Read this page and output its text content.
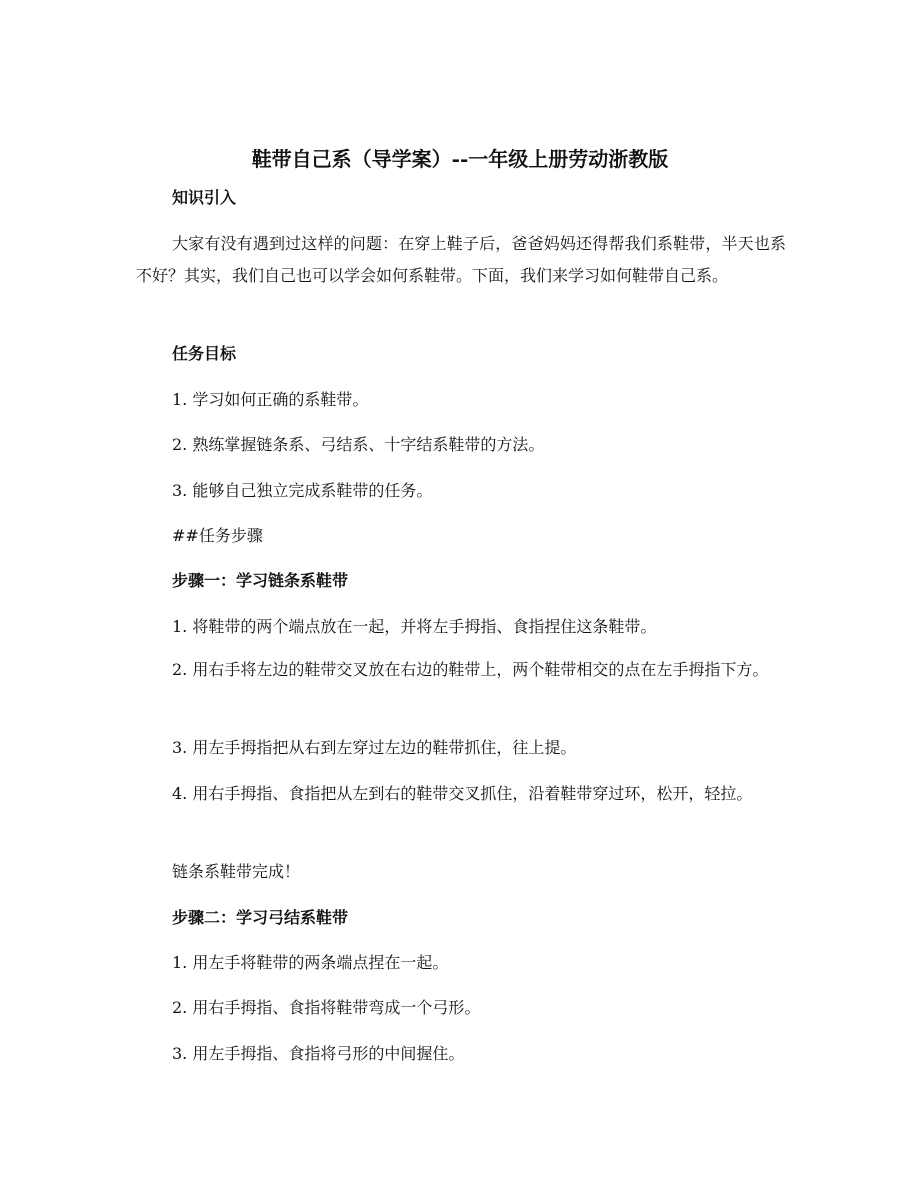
鞋带自己系（导学案）--一年级上册劳动浙教版
知识引入
大家有没有遇到过这样的问题：在穿上鞋子后，爸爸妈妈还得帮我们系鞋带，半天也系不好？其实，我们自己也可以学会如何系鞋带。下面，我们来学习如何鞋带自己系。
任务目标
1. 学习如何正确的系鞋带。
2. 熟练掌握链条系、弓结系、十字结系鞋带的方法。
3. 能够自己独立完成系鞋带的任务。
##任务步骤
步骤一：学习链条系鞋带
1. 将鞋带的两个端点放在一起，并将左手拇指、食指捏住这条鞋带。
2. 用右手将左边的鞋带交叉放在右边的鞋带上，两个鞋带相交的点在左手拇指下方。
3. 用左手拇指把从右到左穿过左边的鞋带抓住，往上提。
4. 用右手拇指、食指把从左到右的鞋带交叉抓住，沿着鞋带穿过环，松开，轻拉。
链条系鞋带完成！
步骤二：学习弓结系鞋带
1. 用左手将鞋带的两条端点捏在一起。
2. 用右手拇指、食指将鞋带弯成一个弓形。
3. 用左手拇指、食指将弓形的中间握住。
